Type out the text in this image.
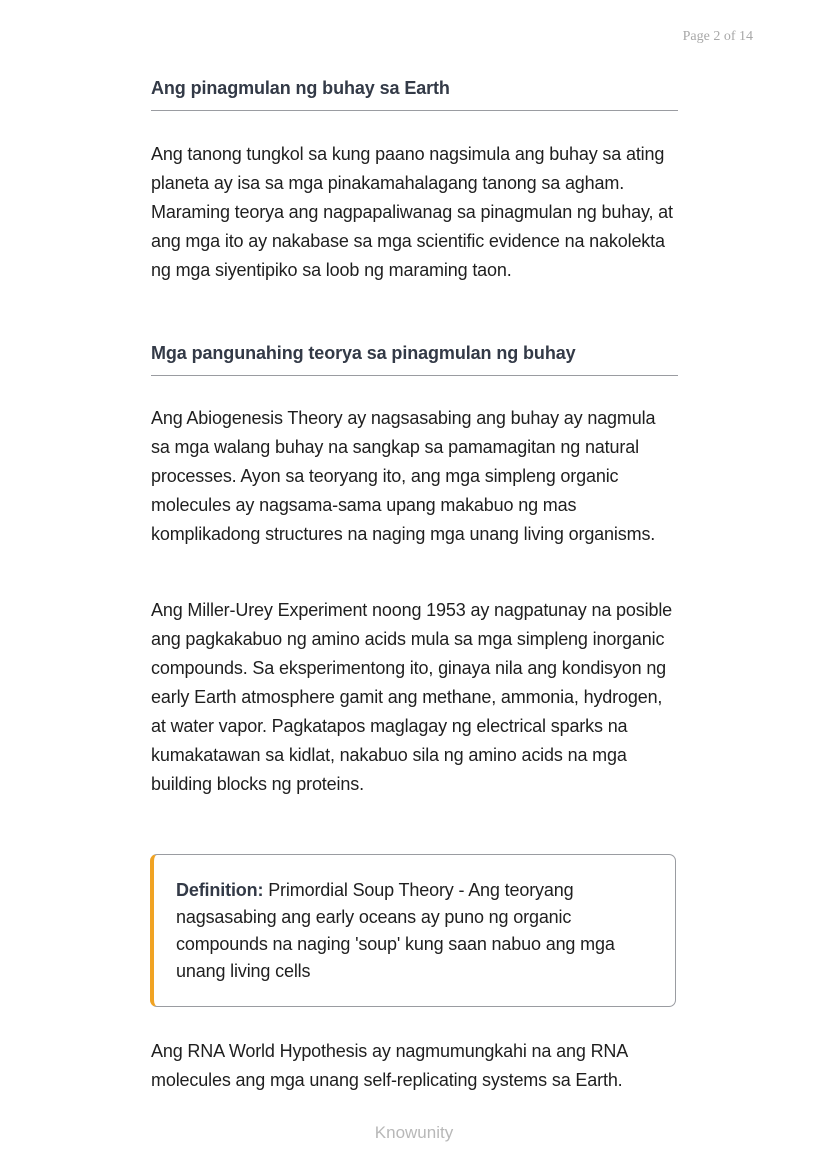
Page 2 of 14
Ang pinagmulan ng buhay sa Earth
Ang tanong tungkol sa kung paano nagsimula ang buhay sa ating planeta ay isa sa mga pinakamahalagang tanong sa agham. Maraming teorya ang nagpapaliwanag sa pinagmulan ng buhay, at ang mga ito ay nakabase sa mga scientific evidence na nakolekta ng mga siyentipiko sa loob ng maraming taon.
Mga pangunahing teorya sa pinagmulan ng buhay
Ang Abiogenesis Theory ay nagsasabing ang buhay ay nagmula sa mga walang buhay na sangkap sa pamamagitan ng natural processes. Ayon sa teoryang ito, ang mga simpleng organic molecules ay nagsama-sama upang makabuo ng mas komplikadong structures na naging mga unang living organisms.
Ang Miller-Urey Experiment noong 1953 ay nagpatunay na posible ang pagkakabuo ng amino acids mula sa mga simpleng inorganic compounds. Sa eksperimentong ito, ginaya nila ang kondisyon ng early Earth atmosphere gamit ang methane, ammonia, hydrogen, at water vapor. Pagkatapos maglagay ng electrical sparks na kumakatawan sa kidlat, nakabuo sila ng amino acids na mga building blocks ng proteins.
Definition: Primordial Soup Theory - Ang teoryang nagsasabing ang early oceans ay puno ng organic compounds na naging 'soup' kung saan nabuo ang mga unang living cells
Ang RNA World Hypothesis ay nagmumungkahi na ang RNA molecules ang mga unang self-replicating systems sa Earth.
Knowunity
